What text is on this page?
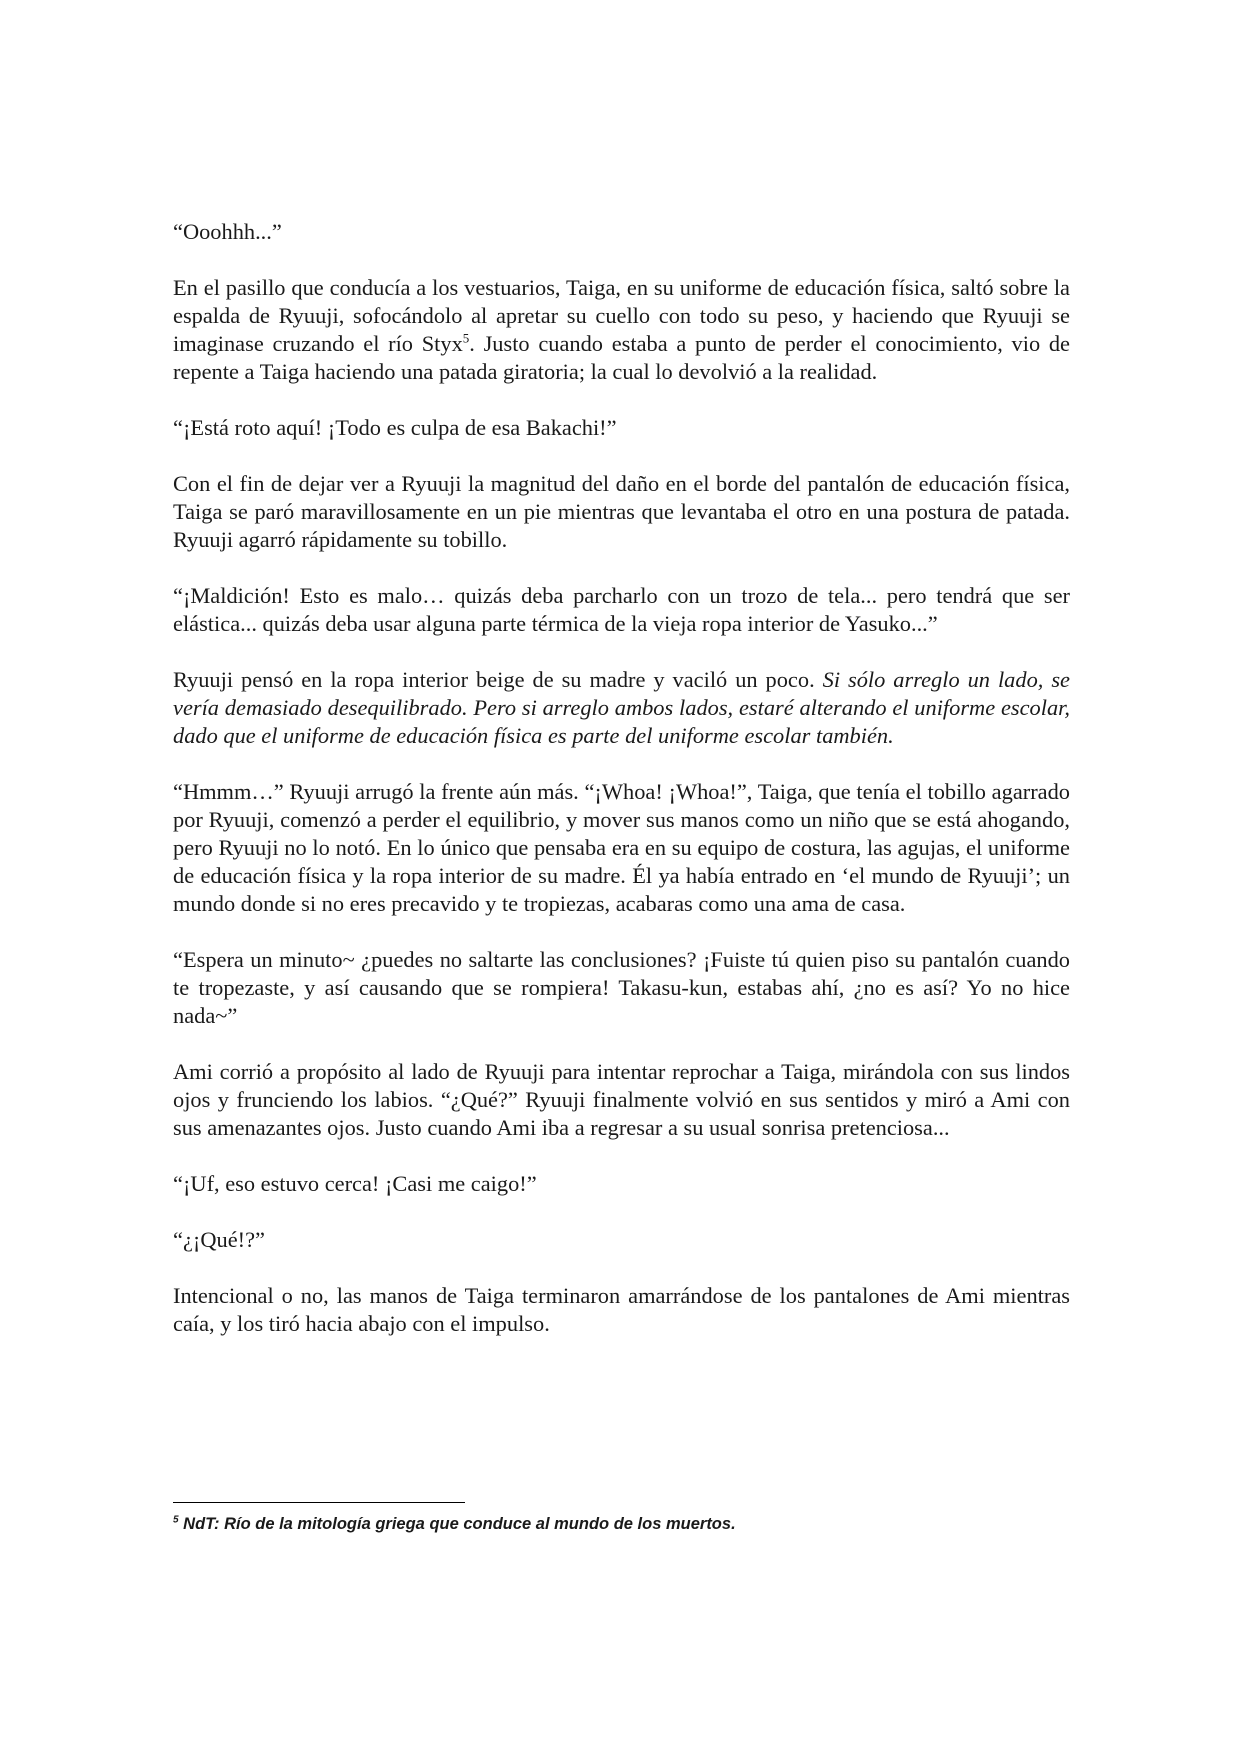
“Ooohhh...”

En el pasillo que conducía a los vestuarios, Taiga, en su uniforme de educación física, saltó sobre la espalda de Ryuuji, sofocándolo al apretar su cuello con todo su peso, y haciendo que Ryuuji se imaginase cruzando el río Styx$^5$. Justo cuando estaba a punto de perder el conocimiento, vio de repente a Taiga haciendo una patada giratoria; la cual lo devolvió a la realidad.

“¡Está roto aquí! ¡Todo es culpa de esa Bakachi!”

Con el fin de dejar ver a Ryuuji la magnitud del daño en el borde del pantalón de educación física, Taiga se paró maravillosamente en un pie mientras que levantaba el otro en una postura de patada. Ryuuji agarró rápidamente su tobillo.

“¡Maldición! Esto es malo… quizás deba parcharlo con un trozo de tela... pero tendrá que ser elástica... quizás deba usar alguna parte térmica de la vieja ropa interior de Yasuko...”

Ryuuji pensó en la ropa interior beige de su madre y vaciló un poco. Si sólo arreglo un lado, se vería demasiado desequilibrado. Pero si arreglo ambos lados, estaré alterando el uniforme escolar, dado que el uniforme de educación física es parte del uniforme escolar también.

“Hmmm…” Ryuuji arrugó la frente aún más. “¡Whoa! ¡Whoa!”, Taiga, que tenía el tobillo agarrado por Ryuuji, comenzó a perder el equilibrio, y mover sus manos como un niño que se está ahogando, pero Ryuuji no lo notó. En lo único que pensaba era en su equipo de costura, las agujas, el uniforme de educación física y la ropa interior de su madre. Él ya había entrado en ‘el mundo de Ryuuji’; un mundo donde si no eres precavido y te tropiezas, acabaras como una ama de casa.

“Espera un minuto~ ¿puedes no saltarte las conclusiones? ¡Fuiste tú quien piso su pantalón cuando te tropezaste, y así causando que se rompiera! Takasu-kun, estabas ahí, ¿no es así? Yo no hice nada~”

Ami corrió a propósito al lado de Ryuuji para intentar reprochar a Taiga, mirándola con sus lindos ojos y frunciendo los labios. “¿Qué?” Ryuuji finalmente volvió en sus sentidos y miró a Ami con sus amenazantes ojos. Justo cuando Ami iba a regresar a su usual sonrisa pretenciosa...

“¡Uf, eso estuvo cerca! ¡Casi me caigo!”

“¿¡Qué!?”

Intencional o no, las manos de Taiga terminaron amarrándose de los pantalones de Ami mientras caía, y los tiró hacia abajo con el impulso.

$^5$ NdT: Río de la mitología griega que conduce al mundo de los muertos.
